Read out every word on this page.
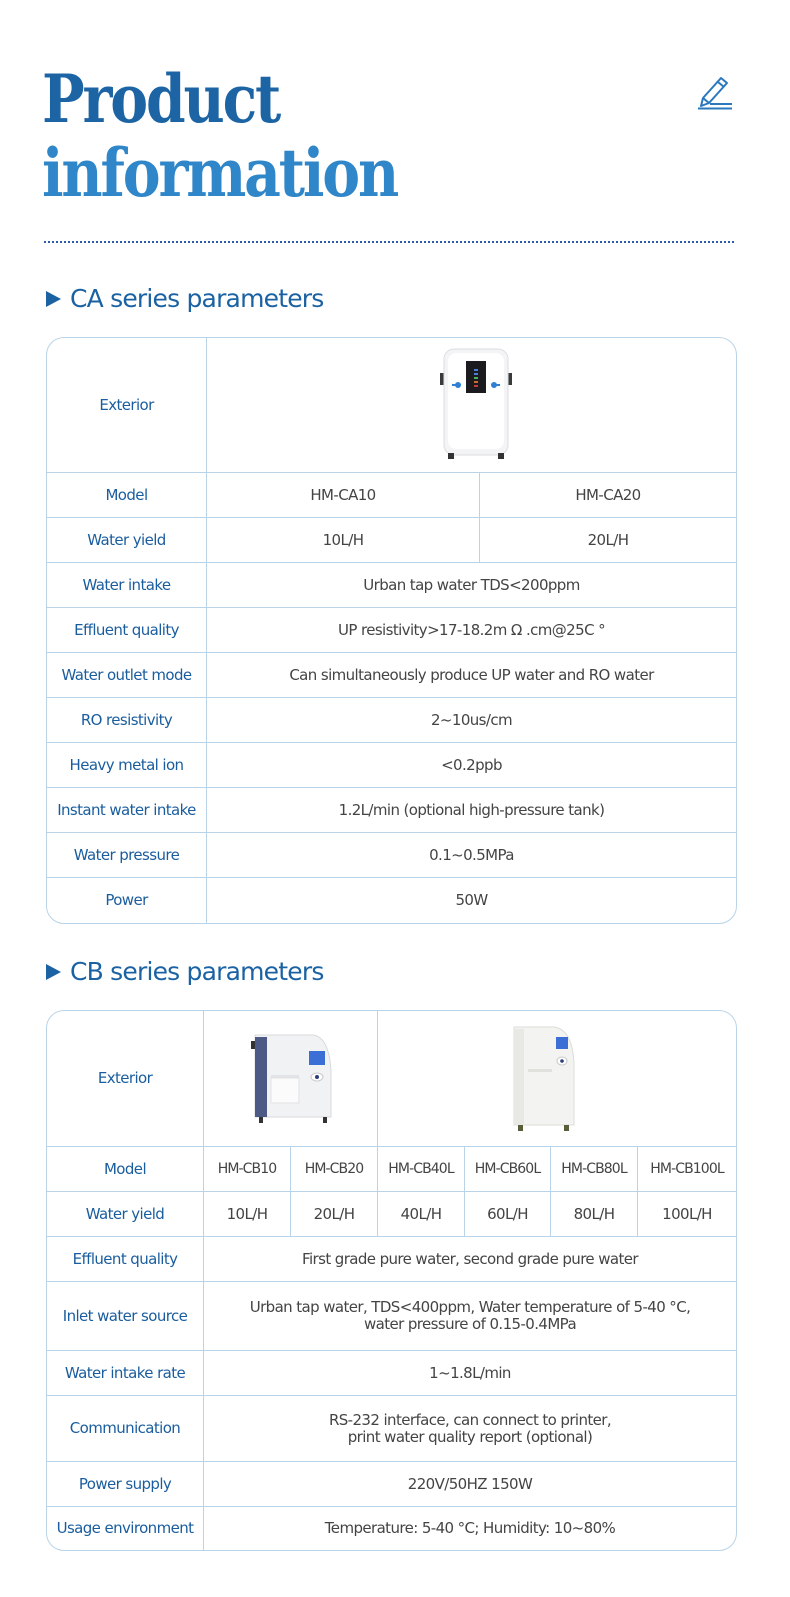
Product
information
CA series parameters
Exterior	

Model	HM-CA10	HM-CA20
Water yield	10L/H	20L/H
Water intake	Urban tap water TDS<200ppm	
Effluent quality	UP resistivity>17-18.2m Ω .cm@25C °	
Water outlet mode	Can simultaneously produce UP water and RO water	
RO resistivity	2~10us/cm	
Heavy metal ion	<0.2ppb	
Instant water intake	1.2L/min (optional high-pressure tank)	
Water pressure	0.1~0.5MPa	
Power	50W	
CB series parameters
Exterior	

Model	HM-CB10	HM-CB20	HM-CB40L	HM-CB60L	HM-CB80L	HM-CB100L
Water yield	10L/H	20L/H	40L/H	60L/H	80L/H	100L/H
Effluent quality	First grade pure water, second grade pure water					

Inlet water source	Urban tap water, TDS<400ppm, Water temperature of 5-40 °C,
water pressure of 0.15-0.4MPa					

Water intake rate	1~1.8L/min					

Communication	RS-232 interface, can connect to printer,
print water quality report (optional)					

Power supply	220V/50HZ 150W					

Usage environment	Temperature: 5-40 °C; Humidity: 10~80%					
